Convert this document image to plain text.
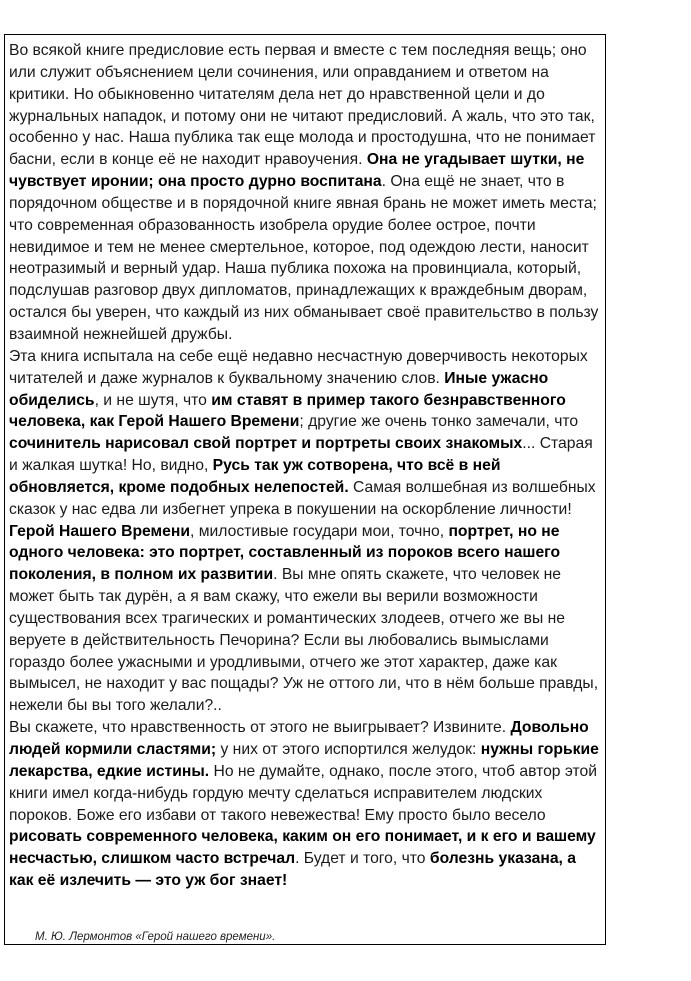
Во всякой книге предисловие есть первая и вместе с тем последняя вещь; оно или служит объяснением цели сочинения, или оправданием и ответом на критики. Но обыкновенно читателям дела нет до нравственной цели и до журнальных нападок, и потому они не читают предисловий. А жаль, что это так, особенно у нас. Наша публика так еще молода и простодушна, что не понимает басни, если в конце её не находит нравоучения. Она не угадывает шутки, не чувствует иронии; она просто дурно воспитана. Она ещё не знает, что в порядочном обществе и в порядочной книге явная брань не может иметь места; что современная образованность изобрела орудие более острое, почти невидимое и тем не менее смертельное, которое, под одеждою лести, наносит неотразимый и верный удар. Наша публика похожа на провинциала, который, подслушав разговор двух дипломатов, принадлежащих к враждебным дворам, остался бы уверен, что каждый из них обманывает своё правительство в пользу взаимной нежнейшей дружбы.

Эта книга испытала на себе ещё недавно несчастную доверчивость некоторых читателей и даже журналов к буквальному значению слов. Иные ужасно обиделись, и не шутя, что им ставят в пример такого безнравственного человека, как Герой Нашего Времени; другие же очень тонко замечали, что сочинитель нарисовал свой портрет и портреты своих знакомых... Старая и жалкая шутка! Но, видно, Русь так уж сотворена, что всё в ней обновляется, кроме подобных нелепостей. Самая волшебная из волшебных сказок у нас едва ли избегнет упрека в покушении на оскорбление личности!

Герой Нашего Времени, милостивые государи мои, точно, портрет, но не одного человека: это портрет, составленный из пороков всего нашего поколения, в полном их развитии. Вы мне опять скажете, что человек не может быть так дурён, а я вам скажу, что ежели вы верили возможности существования всех трагических и романтических злодеев, отчего же вы не веруете в действительность Печорина? Если вы любовались вымыслами гораздо более ужасными и уродливыми, отчего же этот характер, даже как вымысел, не находит у вас пощады? Уж не оттого ли, что в нём больше правды, нежели бы вы того желали?..

Вы скажете, что нравственность от этого не выигрывает? Извините. Довольно людей кормили сластями; у них от этого испортился желудок: нужны горькие лекарства, едкие истины. Но не думайте, однако, после этого, чтоб автор этой книги имел когда-нибудь гордую мечту сделаться исправителем людских пороков. Боже его избави от такого невежества! Ему просто было весело рисовать современного человека, каким он его понимает, и к его и вашему несчастью, слишком часто встречал. Будет и того, что болезнь указана, а как её излечить — это уж бог знает!

М. Ю. Лермонтов «Герой нашего времени».
